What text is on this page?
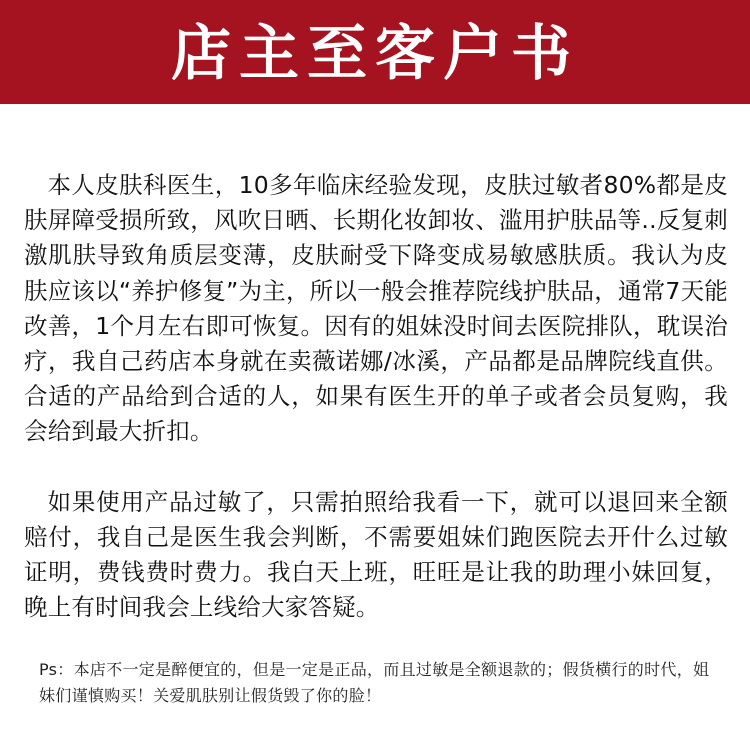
店主至客户书

本人皮肤科医生，10多年临床经验发现，皮肤过敏者80%都是皮肤屏障受损所致，风吹日晒、长期化妆卸妆、滥用护肤品等..反复刺激肌肤导致角质层变薄，皮肤耐受下降变成易敏感肤质。我认为皮肤应该以“养护修复”为主，所以一般会推荐院线护肤品，通常7天能改善，1个月左右即可恢复。因有的姐妹没时间去医院排队，耽误治疗，我自己药店本身就在卖薇诺娜/冰溪，产品都是品牌院线直供。合适的产品给到合适的人，如果有医生开的单子或者会员复购，我会给到最大折扣。

如果使用产品过敏了，只需拍照给我看一下，就可以退回来全额赔付，我自己是医生我会判断，不需要姐妹们跑医院去开什么过敏证明，费钱费时费力。我白天上班，旺旺是让我的助理小妹回复，晚上有时间我会上线给大家答疑。

Ps：本店不一定是醉便宜的，但是一定是正品，而且过敏是全额退款的；假货横行的时代，姐妹们谨慎购买！关爱肌肤别让假货毁了你的脸！
